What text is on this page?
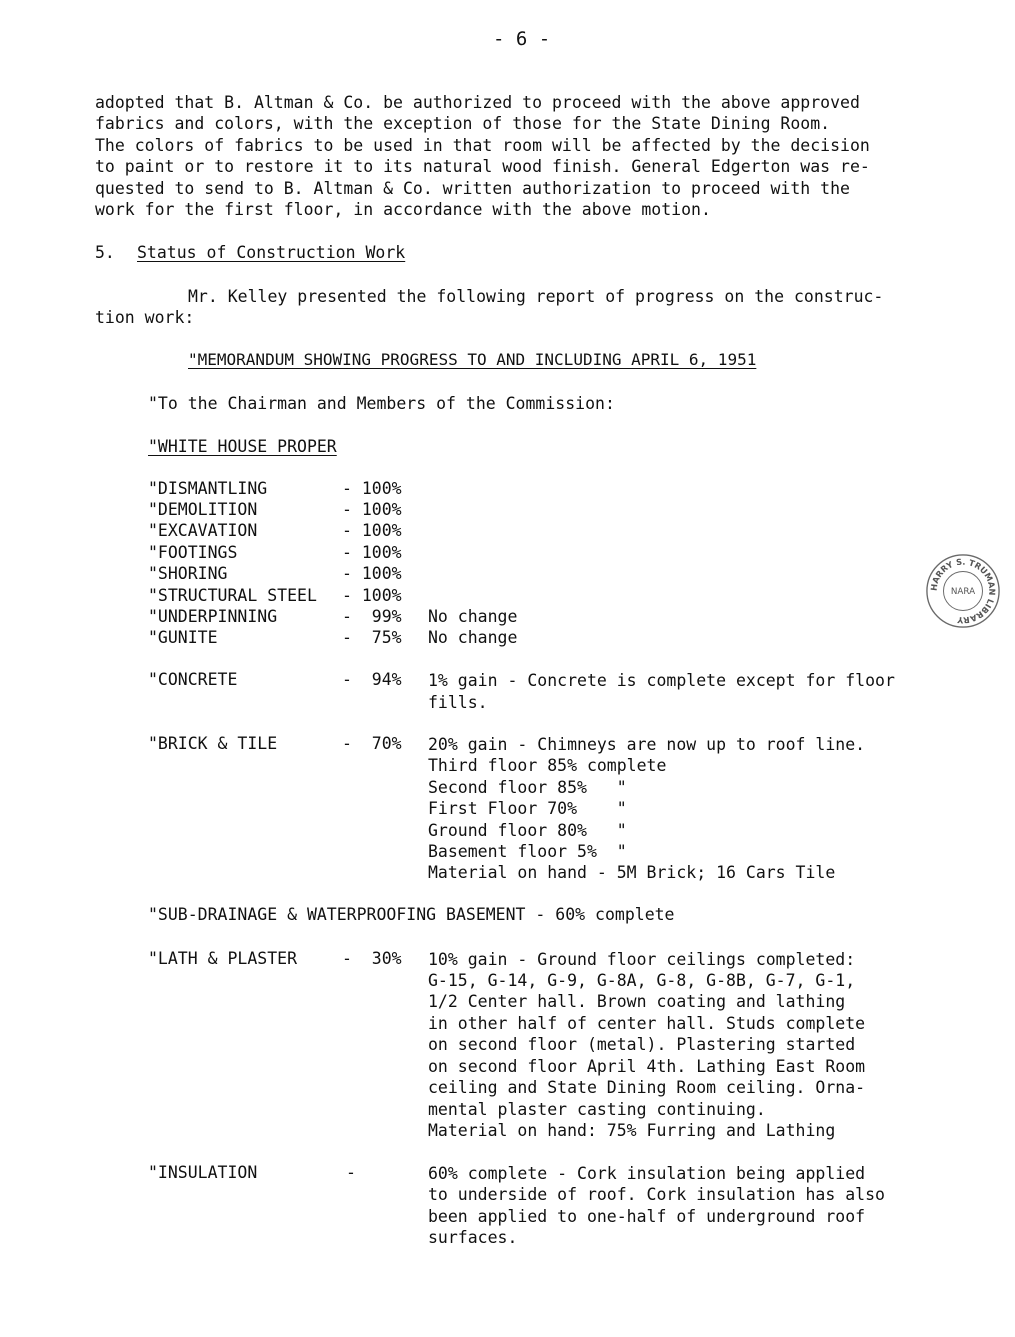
- 6 -
adopted that B. Altman & Co. be authorized to proceed with the above approved
fabrics and colors, with the exception of those for the State Dining Room.
The colors of fabrics to be used in that room will be affected by the decision
to paint or to restore it to its natural wood finish. General Edgerton was re-
quested to send to B. Altman & Co. written authorization to proceed with the
work for the first floor, in accordance with the above motion.
5. Status of Construction Work
Mr. Kelley presented the following report of progress on the construc-
tion work:
"MEMORANDUM SHOWING PROGRESS TO AND INCLUDING APRIL 6, 1951
"To the Chairman and Members of the Commission:
"WHITE HOUSE PROPER
"DISMANTLING	- 100%
"DEMOLITION	- 100%
"EXCAVATION	- 100%
"FOOTINGS	- 100%
"SHORING	- 100%
"STRUCTURAL STEEL - 100%
"UNDERPINNING	-  99% No change
"GUNITE	-  75% No change
"CONCRETE	-  94% 1% gain - Concrete is complete except for floor
fills.
"BRICK & TILE	-  70% 20% gain - Chimneys are now up to roof line.
Third floor 85% complete
Second floor 85%   "
First Floor 70%    "
Ground floor 80%   "
Basement floor 5%  "
Material on hand - 5M Brick; 16 Cars Tile
"SUB-DRAINAGE & WATERPROOFING BASEMENT - 60% complete
"LATH & PLASTER	-  30% 10% gain - Ground floor ceilings completed:
G-15, G-14, G-9, G-8A, G-8, G-8B, G-7, G-1,
1/2 Center hall. Brown coating and lathing
in other half of center hall. Studs complete
on second floor (metal). Plastering started
on second floor April 4th. Lathing East Room
ceiling and State Dining Room ceiling. Orna-
mental plaster casting continuing.
Material on hand: 75% Furring and Lathing
"INSULATION	-	60% complete - Cork insulation being applied
to underside of roof. Cork insulation has also
been applied to one-half of underground roof
surfaces.
HARRY S. TRUMAN LIBRARY
NARA
